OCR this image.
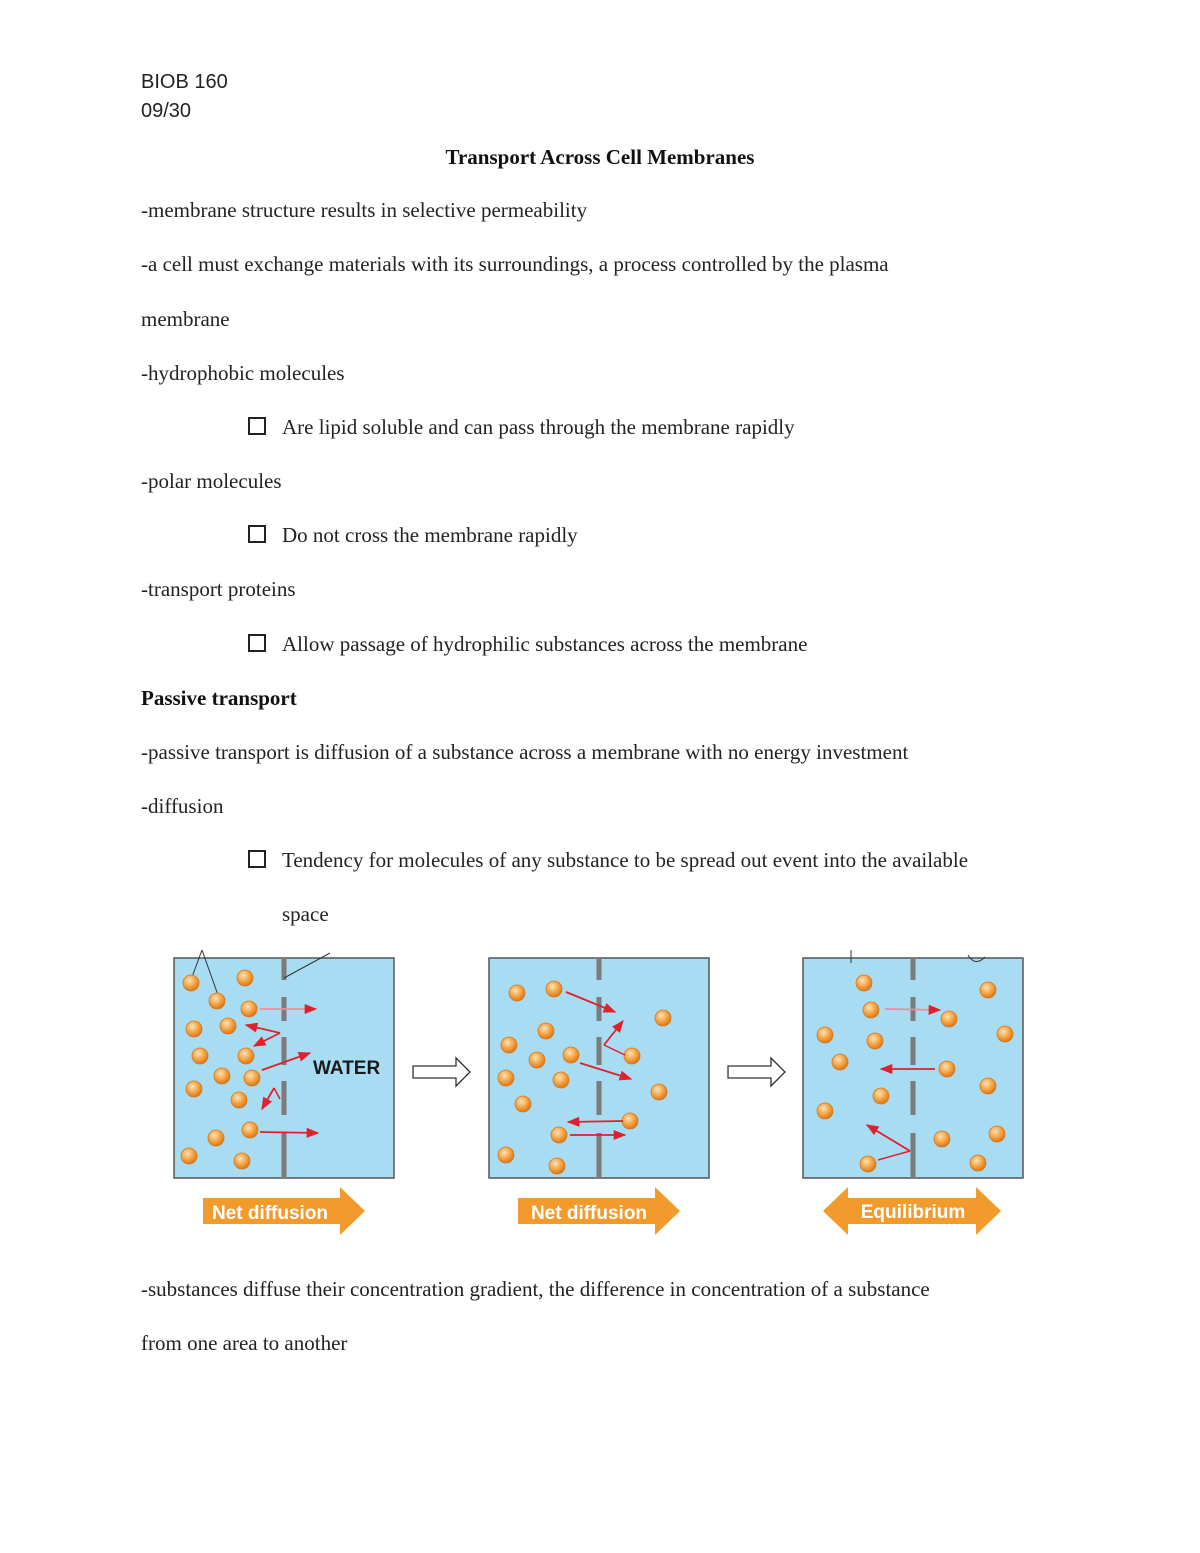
BIOB 160
09/30
Transport Across Cell Membranes
-membrane structure results in selective permeability
-a cell must exchange materials with its surroundings, a process controlled by the plasma
membrane
-hydrophobic molecules
Are lipid soluble and can pass through the membrane rapidly
-polar molecules
Do not cross the membrane rapidly
-transport proteins
Allow passage of hydrophilic substances across the membrane
Passive transport
-passive transport is diffusion of a substance across a membrane with no energy investment
-diffusion
Tendency for molecules of any substance to be spread out event into the available
space
WATER
Net diffusion	Net diffusion	Equilibrium
-substances diffuse their concentration gradient, the difference in concentration of a substance
from one area to another
